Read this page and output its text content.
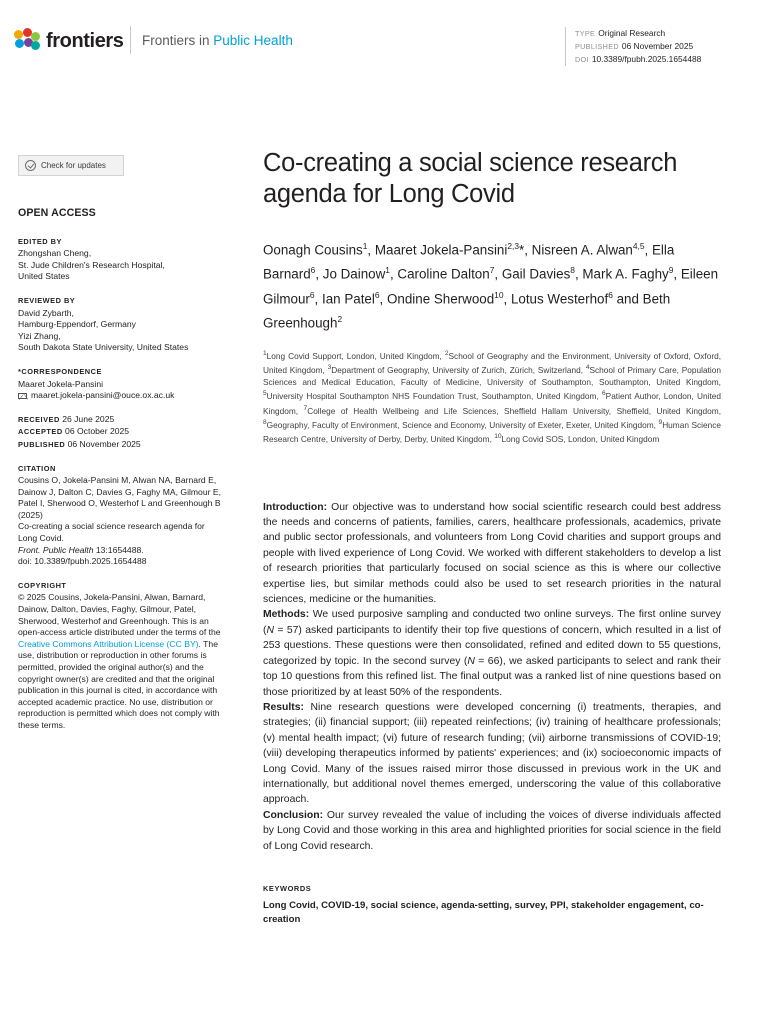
frontiers Frontiers in Public Health	TYPE Original Research
PUBLISHED 06 November 2025
DOI 10.3389/fpubh.2025.1654488
Check for updates
OPEN ACCESS
EDITED BY

Zhongshan Cheng,
St. Jude Children's Research Hospital,
United States

REVIEWED BY

David Zybarth,
Hamburg-Eppendorf, Germany
Yizi Zhang,
South Dakota State University, United States

*CORRESPONDENCE

Maaret Jokela-Pansini

maaret.jokela-pansini@ouce.ox.ac.uk
RECEIVED 26 June 2025
ACCEPTED 06 October 2025
PUBLISHED 06 November 2025
CITATION

Cousins O, Jokela-Pansini M, Alwan NA, Barnard E, Dainow J, Dalton C, Davies G, Faghy MA, Gilmour E, Patel I, Sherwood O, Westerhof L and Greenhough B (2025)

Co-creating a social science research agenda for Long Covid.

Front. Public Health 13:1654488.

doi: 10.3389/fpubh.2025.1654488

COPYRIGHT

© 2025 Cousins, Jokela-Pansini, Alwan, Barnard, Dainow, Dalton, Davies, Faghy, Gilmour, Patel, Sherwood, Westerhof and Greenhough. This is an open-access article distributed under the terms of the Creative Commons Attribution License (CC BY). The use, distribution or reproduction in other forums is permitted, provided the original author(s) and the copyright owner(s) are credited and that the original publication in this journal is cited, in accordance with accepted academic practice. No use, distribution or reproduction is permitted which does not comply with these terms.

Co-creating a social science research agenda for Long Covid
Oonagh Cousins$^1$, Maaret Jokela-Pansini$^{2,3}$*, Nisreen A. Alwan$^{4,5}$, Ella Barnard$^6$, Jo Dainow$^1$, Caroline Dalton$^7$, Gail Davies$^8$, Mark A. Faghy$^9$, Eileen Gilmour$^6$, Ian Patel$^6$, Ondine Sherwood$^{10}$, Lotus Westerhof$^6$ and Beth Greenhough$^2$
$^1$Long Covid Support, London, United Kingdom, $^2$School of Geography and the Environment, University of Oxford, Oxford, United Kingdom, $^3$Department of Geography, University of Zurich, Zürich, Switzerland, $^4$School of Primary Care, Population Sciences and Medical Education, Faculty of Medicine, University of Southampton, Southampton, United Kingdom, $^5$University Hospital Southampton NHS Foundation Trust, Southampton, United Kingdom, $^6$Patient Author, London, United Kingdom, $^7$College of Health Wellbeing and Life Sciences, Sheffield Hallam University, Sheffield, United Kingdom, $^8$Geography, Faculty of Environment, Science and Economy, University of Exeter, Exeter, United Kingdom, $^9$Human Science Research Centre, University of Derby, Derby, United Kingdom, $^{10}$Long Covid SOS, London, United Kingdom
Introduction: Our objective was to understand how social scientific research could best address the needs and concerns of patients, families, carers, healthcare professionals, academics, private and public sector professionals, and volunteers from Long Covid charities and support groups and people with lived experience of Long Covid. We worked with different stakeholders to develop a list of research priorities that particularly focused on social science as this is where our collective expertise lies, but similar methods could also be used to set research priorities in the natural sciences, medicine or the humanities.
Methods: We used purposive sampling and conducted two online surveys. The first online survey (N = 57) asked participants to identify their top five questions of concern, which resulted in a list of 253 questions. These questions were then consolidated, refined and edited down to 55 questions, categorized by topic. In the second survey (N = 66), we asked participants to select and rank their top 10 questions from this refined list. The final output was a ranked list of nine questions based on those prioritized by at least 50% of the respondents.
Results: Nine research questions were developed concerning (i) treatments, therapies, and strategies; (ii) financial support; (iii) repeated reinfections; (iv) training of healthcare professionals; (v) mental health impact; (vi) future of research funding; (vii) airborne transmissions of COVID-19; (viii) developing therapeutics informed by patients' experiences; and (ix) socioeconomic impacts of Long Covid. Many of the issues raised mirror those discussed in previous work in the UK and internationally, but additional novel themes emerged, underscoring the value of this collaborative approach.
Conclusion: Our survey revealed the value of including the voices of diverse individuals affected by Long Covid and those working in this area and highlighted priorities for social science in the field of Long Covid research.
KEYWORDS
Long Covid, COVID-19, social science, agenda-setting, survey, PPI, stakeholder engagement, co-creation
